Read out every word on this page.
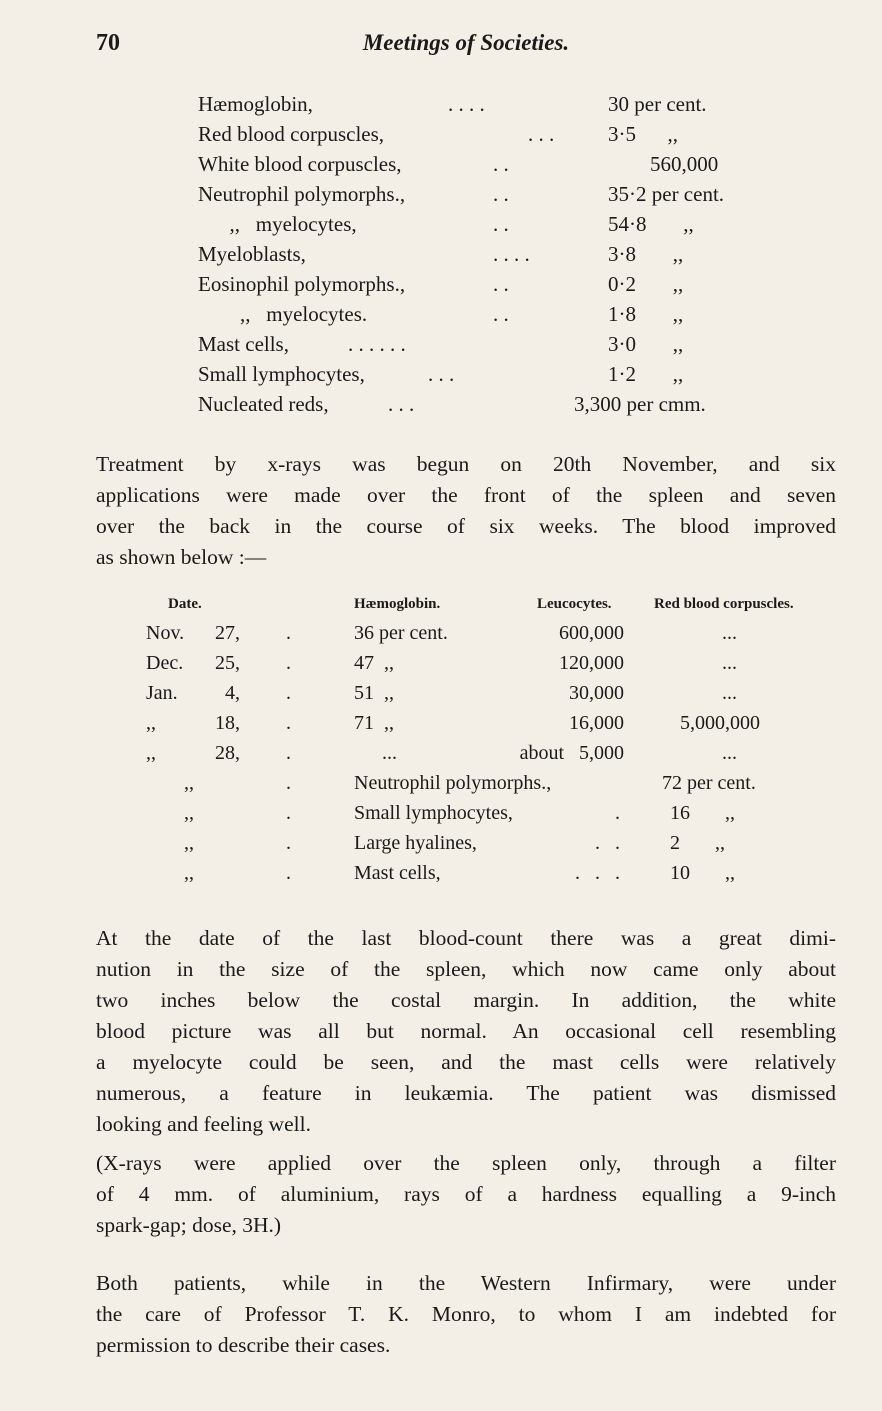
70	Meetings of Societies.
Hæmoglobin,	. . . .	30 per cent.
Red blood corpuscles,	. . .	3·5      ,,
White blood corpuscles,	. .	560,000
Neutrophil polymorphs.,	. .	35·2 per cent.
,,   myelocytes,	. .	54·8       ,,
Myeloblasts,	. . . .	3·8       ,,
Eosinophil polymorphs.,	. .	0·2       ,,
,,   myelocytes.	. .	1·8       ,,
Mast cells,	. . . . . .	3·0       ,,
Small lymphocytes,	. . .	1·2       ,,
Nucleated reds,	. . .	3,300 per cmm.
Treatment by x-rays was begun on 20th November, and six
applications were made over the front of the spleen and seven
over the back in the course of six weeks. The blood improved
as shown below :—
Date.	Hæmoglobin.	Leucocytes.	Red blood corpuscles.
Nov.	27, .	36 per cent.	600,000	...
Dec.	25, .	47  ,,	120,000	...
Jan.	4, .	51  ,,	30,000	...
,,	18, .	71  ,,	16,000	5,000,000
,,	28, .	...	about   5,000	...
,,	.	Neutrophil polymorphs.,	72 per cent.
,,	.	Small lymphocytes,	.	16       ,,
,,	.	Large hyalines,	.   .	2       ,,
,,	.	Mast cells,	.   .   .	10       ,,
At the date of the last blood-count there was a great dimi-
nution in the size of the spleen, which now came only about
two inches below the costal margin. In addition, the white
blood picture was all but normal. An occasional cell resembling
a myelocyte could be seen, and the mast cells were relatively
numerous, a feature in leukæmia. The patient was dismissed
looking and feeling well.
(X-rays were applied over the spleen only, through a filter
of 4 mm. of aluminium, rays of a hardness equalling a 9-inch
spark-gap; dose, 3H.)
Both patients, while in the Western Infirmary, were under
the care of Professor T. K. Monro, to whom I am indebted for
permission to describe their cases.
